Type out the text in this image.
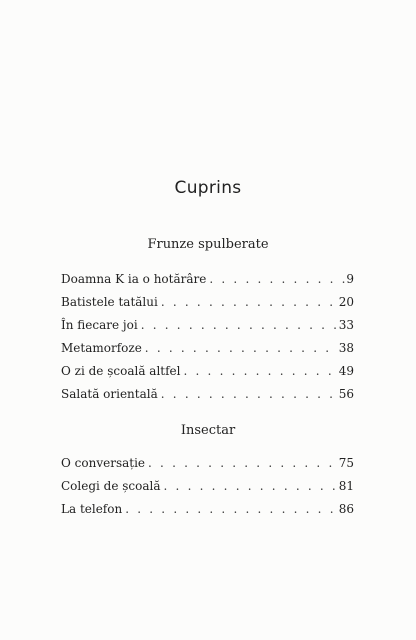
Cuprins
Frunze spulberate
Doamna K ia o hotărâre . . .	9
Batistele tatălui . . .	20
În fiecare joi . . .	33
Metamorfoze . . .	38
O zi de școală altfel . . .	49
Salată orientală . . .	56
Insectar
O conversație . . .	75
Colegi de școală . . .	81
La telefon . . .	86
